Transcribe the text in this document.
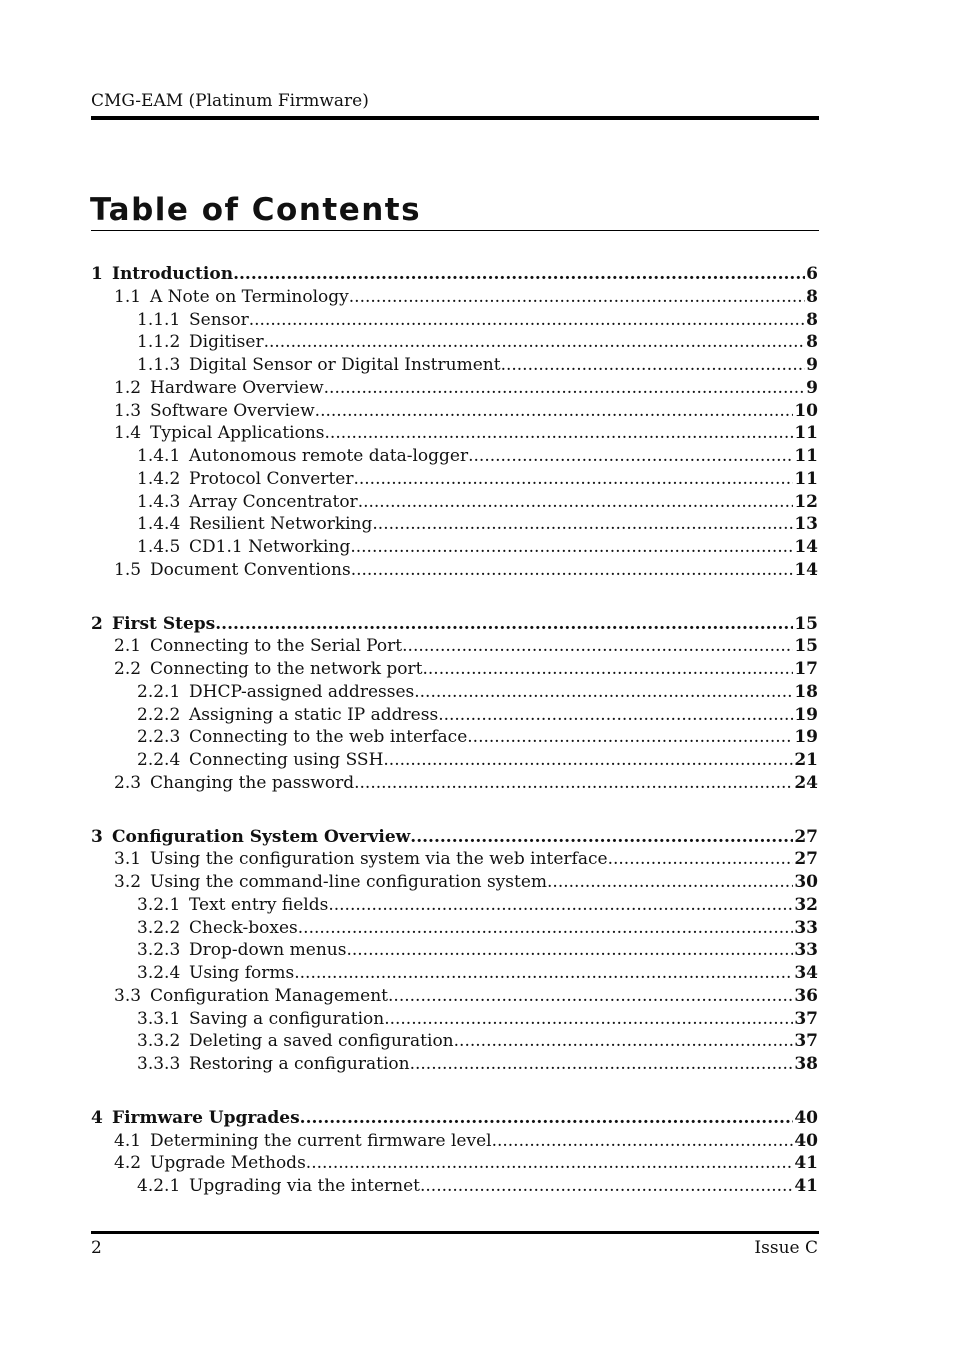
CMG-EAM (Platinum Firmware)
Table of Contents
1 Introduction .....	6
1.1 A Note on Terminology .....	8
1.1.1 Sensor .....	8
1.1.2 Digitiser .....	8
1.1.3 Digital Sensor or Digital Instrument .....	9
1.2 Hardware Overview .....	9
1.3 Software Overview .....	10
1.4 Typical Applications .....	11
1.4.1 Autonomous remote data-logger .....	11
1.4.2 Protocol Converter .....	11
1.4.3 Array Concentrator .....	12
1.4.4 Resilient Networking .....	13
1.4.5 CD1.1 Networking .....	14
1.5 Document Conventions .....	14
2 First Steps .....	15
2.1 Connecting to the Serial Port .....	15
2.2 Connecting to the network port .....	17
2.2.1 DHCP-assigned addresses .....	18
2.2.2 Assigning a static IP address .....	19
2.2.3 Connecting to the web interface .....	19
2.2.4 Connecting using SSH .....	21
2.3 Changing the password .....	24
3 Configuration System Overview .....	27
3.1 Using the configuration system via the web interface .....	27
3.2 Using the command-line configuration system .....	30
3.2.1 Text entry fields .....	32
3.2.2 Check-boxes .....	33
3.2.3 Drop-down menus .....	33
3.2.4 Using forms .....	34
3.3 Configuration Management .....	36
3.3.1 Saving a configuration .....	37
3.3.2 Deleting a saved configuration .....	37
3.3.3 Restoring a configuration .....	38
4 Firmware Upgrades .....	40
4.1 Determining the current firmware level .....	40
4.2 Upgrade Methods .....	41
4.2.1 Upgrading via the internet .....	41
2	Issue C
